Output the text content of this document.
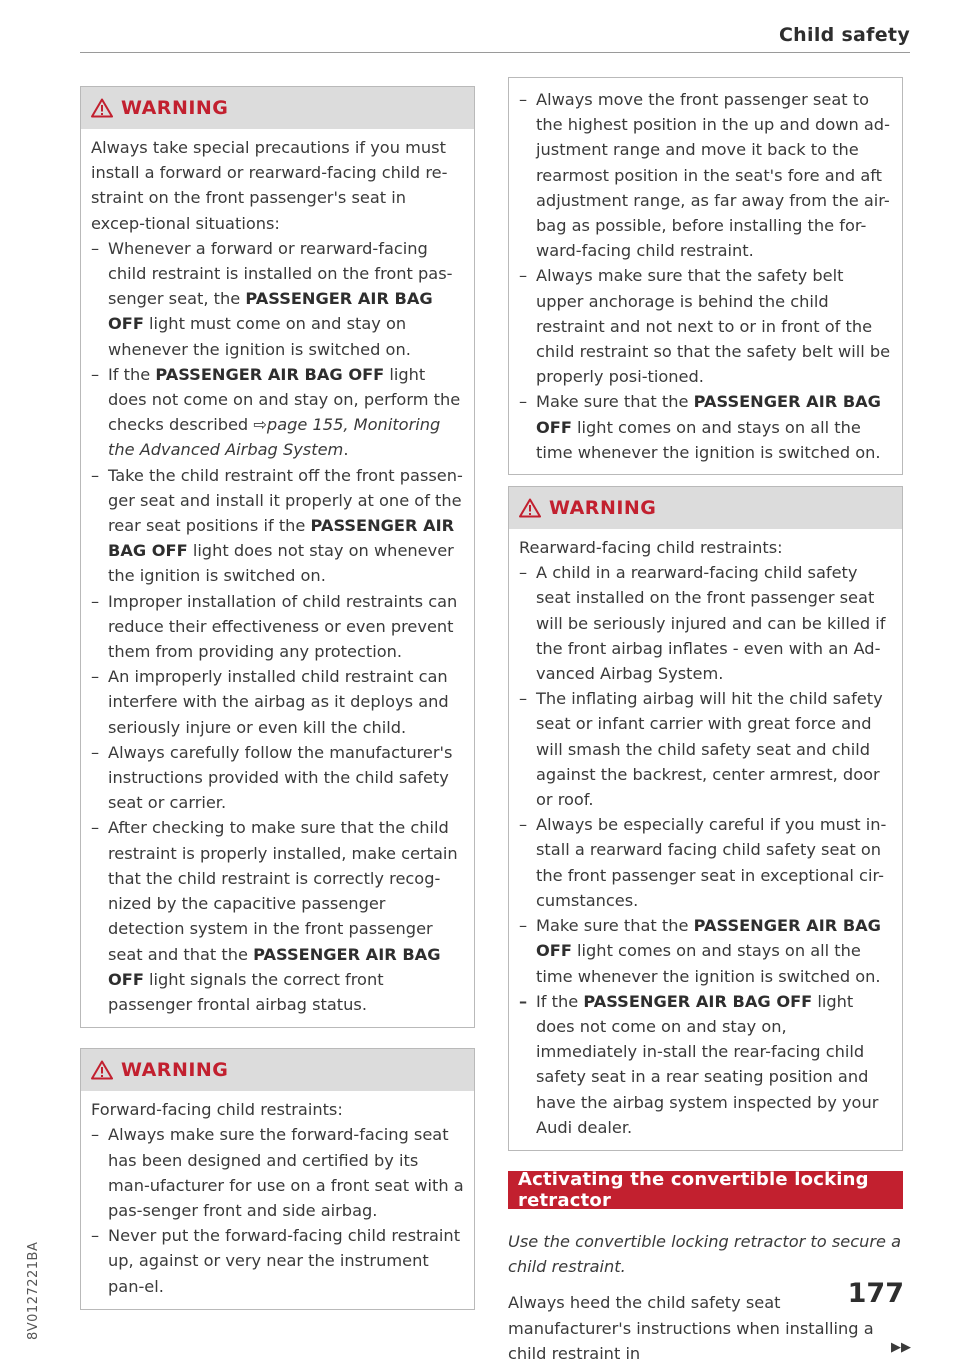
Child safety
WARNING

Always take special precautions if you must install a forward or rearward-facing child re-straint on the front passenger's seat in excep-tional situations:

– Whenever a forward or rearward-facing child restraint is installed on the front pas-senger seat, the PASSENGER AIR BAG OFF light must come on and stay on whenever the ignition is switched on.
– If the PASSENGER AIR BAG OFF light does not come on and stay on, perform the checks described ⇨page 155, Monitoring the Advanced Airbag System.
– Take the child restraint off the front passen-ger seat and install it properly at one of the rear seat positions if the PASSENGER AIR BAG OFF light does not stay on whenever the ignition is switched on.
– Improper installation of child restraints can reduce their effectiveness or even prevent them from providing any protection.
– An improperly installed child restraint can interfere with the airbag as it deploys and seriously injure or even kill the child.
– Always carefully follow the manufacturer's instructions provided with the child safety seat or carrier.
– After checking to make sure that the child restraint is properly installed, make certain that the child restraint is correctly recog-nized by the capacitive passenger detection system in the front passenger seat and that the PASSENGER AIR BAG OFF light signals the correct front passenger frontal airbag status.
WARNING

Forward-facing child restraints:

– Always make sure the forward-facing seat has been designed and certified by its man-ufacturer for use on a front seat with a pas-senger front and side airbag.
– Never put the forward-facing child restraint up, against or very near the instrument pan-el.
– Always move the front passenger seat to the highest position in the up and down ad-justment range and move it back to the rearmost position in the seat's fore and aft adjustment range, as far away from the air-bag as possible, before installing the for-ward-facing child restraint.
– Always make sure that the safety belt upper anchorage is behind the child restraint and not next to or in front of the child restraint so that the safety belt will be properly posi-tioned.
– Make sure that the PASSENGER AIR BAG OFF light comes on and stays on all the time whenever the ignition is switched on.
WARNING

Rearward-facing child restraints:

– A child in a rearward-facing child safety seat installed on the front passenger seat will be seriously injured and can be killed if the front airbag inflates - even with an Ad-vanced Airbag System.
– The inflating airbag will hit the child safety seat or infant carrier with great force and will smash the child safety seat and child against the backrest, center armrest, door or roof.
– Always be especially careful if you must in-stall a rearward facing child safety seat on the front passenger seat in exceptional cir-cumstances.
– Make sure that the PASSENGER AIR BAG OFF light comes on and stays on all the time whenever the ignition is switched on.
– If the PASSENGER AIR BAG OFF light does not come on and stay on, immediately in-stall the rear-facing child safety seat in a rear seating position and have the airbag system inspected by your Audi dealer.
Activating the convertible locking retractor

Use the convertible locking retractor to secure a child restraint.

Always heed the child safety seat manufacturer's instructions when installing a child restraint in	▶▶

177
8V0127221BA
